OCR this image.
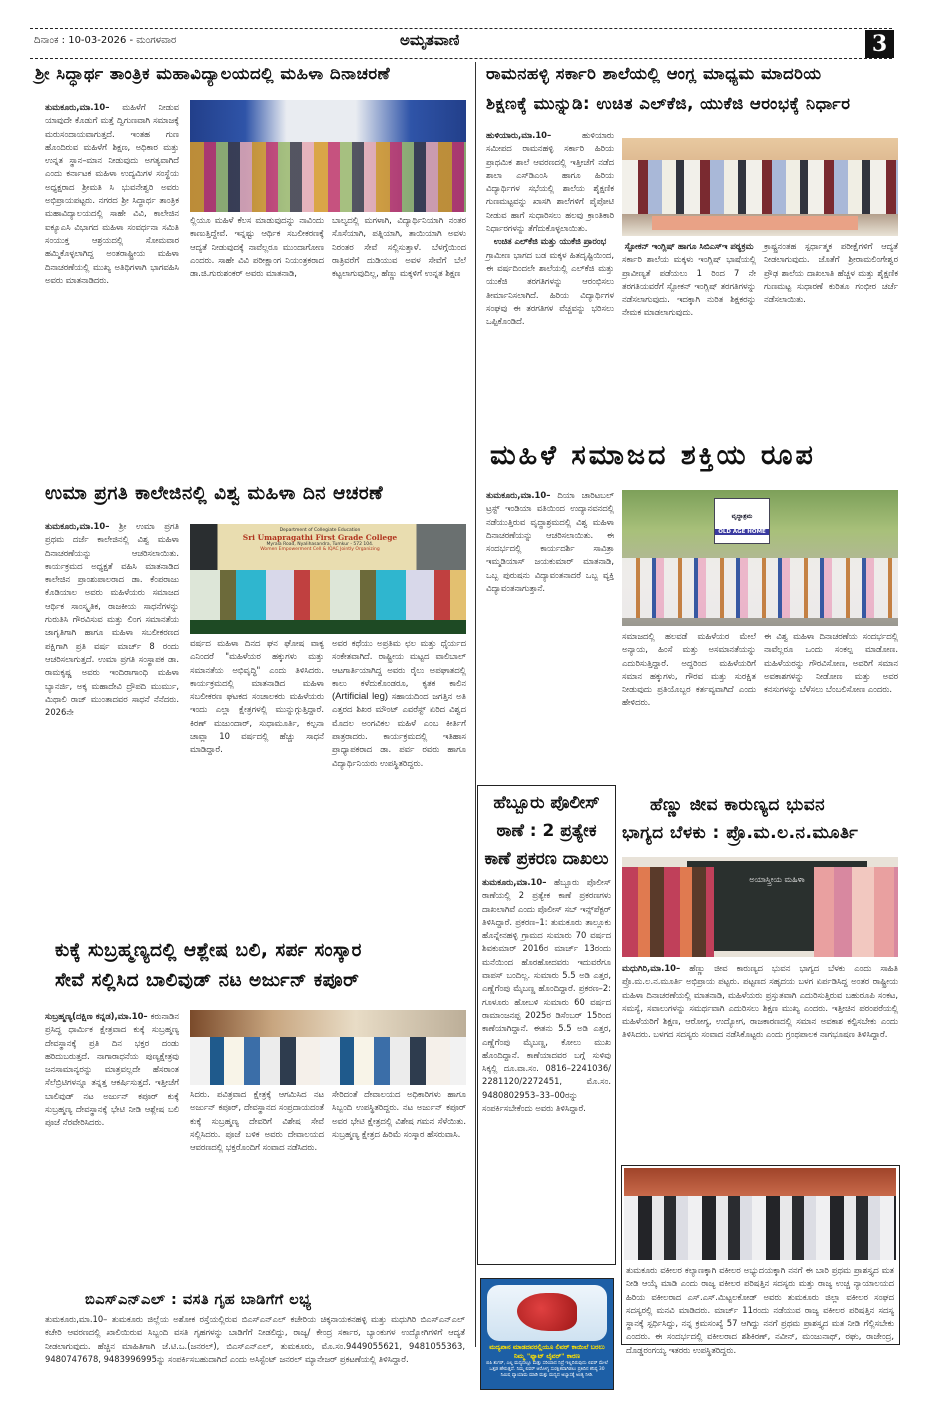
ದಿನಾಂಕ : 10-03-2026 - ಮಂಗಳವಾರ	ಅಮೃತವಾಣಿ	3
ಶ್ರೀ ಸಿದ್ಧಾರ್ಥ ತಾಂತ್ರಿಕ ಮಹಾವಿದ್ಯಾಲಯದಲ್ಲಿ ಮಹಿಳಾ ದಿನಾಚರಣೆ
ತುಮಕೂರು,ಮಾ.10– ಮಹಿಳೆಗೆ ನೀಡುವ ಯಾವುದೇ ಕೊಡುಗೆ ಮತ್ತೆ ದ್ವಿಗುಣವಾಗಿ ಸಮಾಜಕ್ಕೆ ಮರುಸಂದಾಯವಾಗುತ್ತದೆ. ಇಂತಹ ಗುಣ ಹೊಂದಿರುವ ಮಹಿಳೆಗೆ ಶಿಕ್ಷಣ, ಅಧಿಕಾರ ಮತ್ತು ಉನ್ನತ ಸ್ಥಾನ–ಮಾನ ನೀಡುವುದು ಅಗತ್ಯವಾಗಿದೆ ಎಂದು ಕರ್ನಾಟಕ ಮಹಿಳಾ ಉದ್ಯಮಿಗಳ ಸಂಸ್ಥೆಯ ಅಧ್ಯಕ್ಷರಾದ ಶ್ರೀಮತಿ ಸಿ ಭುವನೇಶ್ವರಿ ಅವರು ಅಭಿಪ್ರಾಯಪಟ್ಟರು. ನಗರದ ಶ್ರೀ ಸಿದ್ಧಾರ್ಥ ತಾಂತ್ರಿಕ ಮಹಾವಿದ್ಯಾಲಯದಲ್ಲಿ ಸಾಹೇ ವಿವಿ, ಕಾಲೇಜಿನ ಐಕ್ಯೂಎಸಿ ವಿಭಾಗದ ಮಹಿಳಾ ಸಂವರ್ಧನಾ ಸಮಿತಿ ಸಂಯುಕ್ತ ಆಶ್ರಯದಲ್ಲಿ ಸೋಮವಾರ ಹಮ್ಮಿಕೊಳ್ಳಲಾಗಿದ್ದ ಅಂತರಾಷ್ಟ್ರೀಯ ಮಹಿಳಾ ದಿನಾಚರಣೆಯಲ್ಲಿ ಮುಖ್ಯ ಅತಿಥಿಗಳಾಗಿ ಭಾಗವಹಿಸಿ ಅವರು ಮಾತನಾಡಿದರು.
ಲ್ಲಿಯೂ ಮಹಿಳೆ ಕೆಲಸ ಮಾಡುವುದನ್ನು ನಾವಿಂದು ಕಾಣುತ್ತಿದ್ದೇವೆ. ಇನ್ನಷ್ಟು ಆರ್ಥಿಕ ಸಬಲೀಕರಣಕ್ಕೆ ಆದ್ಯತೆ ನೀಡುವುದಕ್ಕೆ ನಾವೆಲ್ಲರೂ ಮುಂದಾಗೋಣ ಎಂದರು. ಸಾಹೇ ವಿವಿ ಪರೀಕ್ಷಾಂಗ ನಿಯಂತ್ರಕರಾದ ಡಾ.ಜಿ.ಗುರುಶಂಕರ್ ಅವರು ಮಾತನಾಡಿ,
ಬಾಲ್ಯದಲ್ಲಿ ಮಗಳಾಗಿ, ವಿದ್ಯಾರ್ಥಿನಿಯಾಗಿ ನಂತರ ಸೊಸೆಯಾಗಿ, ಪತ್ನಿಯಾಗಿ, ತಾಯಿಯಾಗಿ ಅವಳು ನಿರಂತರ ಸೇವೆ ಸಲ್ಲಿಸುತ್ತಾಳೆ. ಬೆಳಗ್ಗೆಯಿಂದ ರಾತ್ರಿವರೆಗೆ ದುಡಿಯುವ ಅವಳ ಸೇವೆಗೆ ಬೆಲೆ ಕಟ್ಟಲಾಗುವುದಿಲ್ಲ, ಹೆಣ್ಣು ಮಕ್ಕಳಿಗೆ ಉನ್ನತ ಶಿಕ್ಷಣ
ರಾಮನಹಳ್ಳಿ ಸರ್ಕಾರಿ ಶಾಲೆಯಲ್ಲಿ ಆಂಗ್ಲ ಮಾಧ್ಯಮ ಮಾದರಿಯ
ಶಿಕ್ಷಣಕ್ಕೆ ಮುನ್ನುಡಿ: ಉಚಿತ ಎಲ್‌ಕೆಜಿ, ಯುಕೆಜಿ ಆರಂಭಕ್ಕೆ ನಿರ್ಧಾರ
ಹುಳಿಯಾರು,ಮಾ.10–	ಹುಳಿಯಾರು ಸಮೀಪದ ರಾಮನಹಳ್ಳಿ ಸರ್ಕಾರಿ ಹಿರಿಯ ಪ್ರಾಥಮಿಕ ಶಾಲೆ ಆವರಣದಲ್ಲಿ ಇತ್ತೀಚೆಗೆ ನಡೆದ ಶಾಲಾ ಎಸ್‌ಡಿಎಂಸಿ ಹಾಗೂ ಹಿರಿಯ ವಿದ್ಯಾರ್ಥಿಗಳ ಸಭೆಯಲ್ಲಿ ಶಾಲೆಯ ಶೈಕ್ಷಣಿಕ ಗುಣಮಟ್ಟವನ್ನು ಖಾಸಗಿ ಶಾಲೆಗಳಿಗೆ ಪೈಪೋಟಿ ನೀಡುವ ಹಾಗೆ ಸುಧಾರಿಸಲು ಹಲವು ಕ್ರಾಂತಿಕಾರಿ ನಿರ್ಧಾರಗಳನ್ನು ತೆಗೆದುಕೊಳ್ಳಲಾಯಿತು.

ಉಚಿತ ಎಲ್‌ಕೆಜಿ ಮತ್ತು ಯುಕೆಜಿ ಪ್ರಾರಂಭ
ಗ್ರಾಮೀಣ ಭಾಗದ ಬಡ ಮಕ್ಕಳ ಹಿತದೃಷ್ಟಿಯಿಂದ, ಈ ವರ್ಷದಿಂದಲೇ ಶಾಲೆಯಲ್ಲಿ ಎಲ್‌ಕೆಜಿ ಮತ್ತು ಯುಕೆಜಿ ತರಗತಿಗಳನ್ನು ಆರಂಭಿಸಲು ತೀರ್ಮಾನಿಸಲಾಗಿದೆ. ಹಿರಿಯ ವಿದ್ಯಾರ್ಥಿಗಳ ಸಂಘವು ಈ ತರಗತಿಗಳ ವೆಚ್ಚವನ್ನು ಭರಿಸಲು ಒಪ್ಪಿಕೊಂಡಿದೆ.
ಸ್ಪೋಕನ್ ಇಂಗ್ಲಿಷ್ ಹಾಗೂ ಸಿಬಿಎಸ್‌ಇ ಪಠ್ಯಕ್ರಮ
ಸರ್ಕಾರಿ ಶಾಲೆಯ ಮಕ್ಕಳು ಇಂಗ್ಲಿಷ್ ಭಾಷೆಯಲ್ಲಿ ಪ್ರಾವೀಣ್ಯತೆ ಪಡೆಯಲು 1 ರಿಂದ 7 ನೇ ತರಗತಿಯವರೆಗೆ ಸ್ಪೋಕನ್ ಇಂಗ್ಲಿಷ್ ತರಗತಿಗಳನ್ನು ನಡೆಸಲಾಗುವುದು. ಇದಕ್ಕಾಗಿ ನುರಿತ ಶಿಕ್ಷಕರನ್ನು ನೇಮಕ ಮಾಡಲಾಗುವುದು.
ಕ್ರಾಷ್ಟ್ರನಂತಹ ಸ್ಪರ್ಧಾತ್ಮಕ ಪರೀಕ್ಷೆಗಳಿಗೆ ಆದ್ಯತೆ ನೀಡಲಾಗುವುದು. ಜೊತೆಗೆ ಶ್ರೀರಾಮಲಿಂಗೇಶ್ವರ ಪ್ರೌಢ ಶಾಲೆಯ ದಾಖಲಾತಿ ಹೆಚ್ಚಳ ಮತ್ತು ಶೈಕ್ಷಣಿಕ ಗುಣಮಟ್ಟ ಸುಧಾರಣೆ ಕುರಿತೂ ಗಂಭೀರ ಚರ್ಚೆ ನಡೆಸಲಾಯಿತು.
ಮಹಿಳೆ ಸಮಾಜದ ಶಕ್ತಿಯ ರೂಪ
ತುಮಕೂರು,ಮಾ.10– ದಿಯಾ ಚಾರಿಟಬಲ್ ಟ್ರಸ್ಟ್ ಇಂಡಿಯಾ ವತಿಯಿಂದ ಉದ್ಯಾನವನದಲ್ಲಿ ನಡೆಯುತ್ತಿರುವ ವೃದ್ಧಾಶ್ರಮದಲ್ಲಿ ವಿಶ್ವ ಮಹಿಳಾ ದಿನಾಚರಣೆಯನ್ನು ಆಚರಿಸಲಾಯಿತು. ಈ ಸಂದರ್ಭದಲ್ಲಿ ಕಾರ್ಯದರ್ಶಿ ಸಾವಿತ್ರಾ ಇಮ್ಮಡಿಯಾಸ್ ಜಯಕುಮಾರ್ ಮಾತನಾಡಿ, ಒಬ್ಬ ಪುರುಷನು ವಿದ್ಯಾವಂತನಾದರೆ ಒಬ್ಬ ವ್ಯಕ್ತಿ ವಿದ್ಯಾವಂತನಾಗುತ್ತಾನೆ.
ವೃದ್ಧಾಶ್ರಮ
OLD AGE HOME
ಸಮಾಜದಲ್ಲಿ ಹಲವಡೆ ಮಹಿಳೆಯರ ಮೇಲೆ ಅನ್ಯಾಯ, ಹಿಂಸೆ ಮತ್ತು ಅಸಮಾನತೆಯನ್ನು ಎದುರಿಸುತ್ತಿದ್ದಾರೆ. ಅದ್ದರಿಂದ ಮಹಿಳೆಯರಿಗೆ ಸಮಾನ ಹಕ್ಕುಗಳು, ಗೌರವ ಮತ್ತು ಸುರಕ್ಷಿತ ನೀಡುವುದು ಪ್ರತಿಯೊಬ್ಬರ ಕರ್ತವ್ಯವಾಗಿದೆ ಎಂದು ಹೇಳಿದರು.
ಈ ವಿಶ್ವ ಮಹಿಳಾ ದಿನಾಚರಣೆಯ ಸಂದರ್ಭದಲ್ಲಿ ನಾವೆಲ್ಲರೂ ಒಂದು ಸಂಕಲ್ಪ ಮಾಡೋಣ. ಮಹಿಳೆಯರನ್ನು ಗೌರವಿಸೋಣ, ಅವರಿಗೆ ಸಮಾನ ಅವಕಾಶಗಳನ್ನು ನೀಡೋಣ ಮತ್ತು ಅವರ ಕನಸುಗಳನ್ನು ಬೆಳೆಸಲು ಬೆಂಬಲಿಸೋಣ ಎಂದರು.
ಉಮಾ ಪ್ರಗತಿ ಕಾಲೇಜಿನಲ್ಲಿ ವಿಶ್ವ ಮಹಿಳಾ ದಿನ ಆಚರಣೆ
ತುಮಕೂರು,ಮಾ.10– ಶ್ರೀ ಉಮಾ ಪ್ರಗತಿ ಪ್ರಥಮ ದರ್ಜೆ ಕಾಲೇಜಿನಲ್ಲಿ ವಿಶ್ವ ಮಹಿಳಾ ದಿನಾಚರಣೆಯನ್ನು ಆಚರಿಸಲಾಯಿತು. ಕಾರ್ಯಕ್ರಮದ ಅಧ್ಯಕ್ಷತೆ ವಹಿಸಿ ಮಾತನಾಡಿದ ಕಾಲೇಜಿನ ಪ್ರಾಂಶುಪಾಲರಾದ ಡಾ. ಕೆಂಪರಾಜು ಕೊಡಿಯಾಲ ಅವರು ಮಹಿಳೆಯರು ಸಮಾಜದ ಆರ್ಥಿಕ ಸಾಂಸ್ಕೃತಿಕ, ರಾಜಕೀಯ ಸಾಧನೆಗಳನ್ನು ಗುರುತಿಸಿ ಗೌರವಿಸುವ ಮತ್ತು ಲಿಂಗ ಸಮಾನತೆಯ ಜಾಗೃತಿಗಾಗಿ ಹಾಗೂ ಮಹಿಳಾ ಸಬಲೀಕರಣದ ಪಕ್ಷಿಗಾಗಿ ಪ್ರತಿ ವರ್ಷ ಮಾರ್ಚ್ 8 ರಂದು ಆಚರಿಸಲಾಗುತ್ತದೆ. ಉಮಾ ಪ್ರಗತಿ ಸಂಸ್ಥಾಪಕ ಡಾ. ರಾಮಕೃಷ್ಣ ಅವರು ಇಂದಿರಾಗಾಂಧಿ ಮಹಿಳಾ ಬ್ಯಾನರ್ಜಿ, ಅಕ್ಕ ಮಹಾದೇವಿ ದ್ರೌಪದಿ ಮುರ್ಮು, ಮಿಥಾಲಿ ರಾಜ್ ಮುಂತಾದವರ ಸಾಧನೆ ನೆನೆದರು. 2026ನೇ
Department of Collegiate Education
Sri Umapragathi First Grade College
Myrala Road, Nyalihasandra, Tumkur - 572 104.
Women Empowerment Cell & IQAC Jointly Organizing
ವರ್ಷದ ಮಹಿಳಾ ದಿನದ ಘನ ಘೋಷ ವಾಕ್ಯ ಎನಿಂದರೆ "ಮಹಿಳೆಯರ ಹಕ್ಕುಗಳು ಮತ್ತು ಸಮಾನತೆಯ ಅಭಿವೃದ್ಧಿ" ಎಂದು ತಿಳಿಸಿದರು. ಕಾರ್ಯಕ್ರಮದಲ್ಲಿ ಮಾತನಾಡಿದ ಮಹಿಳಾ ಸಬಲೀಕರಣ ಘಟಕದ ಸಂಚಾಲಕರು ಮಹಿಳೆಯರು ಇಂದು ಎಲ್ಲಾ ಕ್ಷೇತ್ರಗಳಲ್ಲಿ ಮುನ್ನುಗ್ಗುತ್ತಿದ್ದಾರೆ. ಕಿರಣ್ ಮಜುಂದಾರ್, ಸುಧಾಮೂರ್ತಿ, ಕಲ್ಪನಾ ಚಾವ್ಲಾ 10 ವರ್ಷದಲ್ಲಿ ಹೆಚ್ಚು ಸಾಧನೆ ಮಾಡಿದ್ದಾರೆ.
ಅವರ ಕಥೆಯು ಅಪ್ರತಿಮ ಛಲ ಮತ್ತು ಧೈರ್ಯದ ಸಂಕೇತವಾಗಿದೆ. ರಾಷ್ಟ್ರೀಯ ಮಟ್ಟದ ವಾಲಿಬಾಲ್ ಆಟಗಾರ್ತಿಯಾಗಿದ್ದ ಅವರು ರೈಲು ಅಪಘಾತದಲ್ಲಿ ಕಾಲು ಕಳೆದುಕೊಂಡರೂ, ಕೃತಕ ಕಾಲಿನ (Artificial leg) ಸಹಾಯದಿಂದ ಜಗತ್ತಿನ ಅತಿ ಎತ್ತರದ ಶಿಖರ ಮೌಂಟ್ ಎವರೆಸ್ಟ್ ಏರಿದ ವಿಶ್ವದ ಮೊದಲ ಅಂಗವಿಕಲ ಮಹಿಳೆ ಎಂಬ ಕೀರ್ತಿಗೆ ಪಾತ್ರರಾದರು. ಕಾರ್ಯಕ್ರಮದಲ್ಲಿ ಇತಿಹಾಸ ಪ್ರಾಧ್ಯಾಪಕರಾದ ಡಾ. ಪರ್ವ ರವರು ಹಾಗೂ ವಿದ್ಯಾರ್ಥಿನಿಯರು ಉಪಸ್ಥಿತರಿದ್ದರು.
ಕುಕ್ಕೆ ಸುಬ್ರಹ್ಮಣ್ಯದಲ್ಲಿ ಆಶ್ಲೇಷ ಬಲಿ, ಸರ್ಪ ಸಂಸ್ಕಾರ
ಸೇವೆ ಸಲ್ಲಿಸಿದ ಬಾಲಿವುಡ್ ನಟ ಅರ್ಜುನ್ ಕಪೂರ್
ಸುಬ್ರಹ್ಮಣ್ಯ(ದಕ್ಷಿಣ ಕನ್ನಡ),ಮಾ.10– ಕರುನಾಡಿನ ಪ್ರಸಿದ್ಧ ಧಾರ್ಮಿಕ ಕ್ಷೇತ್ರವಾದ ಕುಕ್ಕೆ ಸುಬ್ರಹ್ಮಣ್ಯ ದೇವಸ್ಥಾನಕ್ಕೆ ಪ್ರತಿ ದಿನ ಭಕ್ತರ ದಂಡು ಹರಿದುಬರುತ್ತದೆ. ನಾಗಾರಾಧನೆಯ ಪುಣ್ಯಕ್ಷೇತ್ರವು ಜನಸಾಮಾನ್ಯರನ್ನು ಮಾತ್ರವಲ್ಲದೇ ಹೆಸರಾಂತ ಸೆಲೆಬ್ರಿಟಿಗಳನ್ನೂ ತನ್ನತ್ತ ಆಕರ್ಷಿಸುತ್ತದೆ. ಇತ್ತೀಚೆಗೆ ಬಾಲಿವುಡ್ ನಟ ಅರ್ಜುನ್ ಕಪೂರ್ ಕುಕ್ಕೆ ಸುಬ್ರಹ್ಮಣ್ಯ ದೇವಸ್ಥಾನಕ್ಕೆ ಭೇಟಿ ನೀಡಿ ಆಶ್ಲೇಷ ಬಲಿ ಪೂಜೆ ನೆರವೇರಿಸಿದರು.
ಸಿದರು. ಪವಿತ್ರವಾದ ಕ್ಷೇತ್ರಕ್ಕೆ ಆಗಮಿಸಿದ ನಟ ಅರ್ಜುನ್ ಕಪೂರ್, ದೇವಸ್ಥಾನದ ಸಂಪ್ರದಾಯದಂತೆ ಕುಕ್ಕೆ ಸುಬ್ರಹ್ಮಣ್ಯ ದೇವರಿಗೆ ವಿಶೇಷ ಸೇವೆ ಸಲ್ಲಿಸಿದರು. ಪೂಜೆ ಬಳಿಕ ಅವರು ದೇವಾಲಯದ ಆವರಣದಲ್ಲಿ ಭಕ್ತರೊಂದಿಗೆ ಸಂವಾದ ನಡೆಸಿದರು.
ಸೇರಿದಂತೆ ದೇವಾಲಯದ ಅಧಿಕಾರಿಗಳು ಹಾಗೂ ಸಿಬ್ಬಂದಿ ಉಪಸ್ಥಿತರಿದ್ದರು. ನಟ ಅರ್ಜುನ್ ಕಪೂರ್ ಅವರ ಭೇಟಿ ಕ್ಷೇತ್ರದಲ್ಲಿ ವಿಶೇಷ ಗಮನ ಸೆಳೆಯಿತು. ಸುಬ್ರಹ್ಮಣ್ಯ ಕ್ಷೇತ್ರದ ಹಿರಿಮೆ ಸಂಸ್ಕಾರ ಹೆಸರುವಾಸಿ.
ಹೆಬ್ಬೂರು ಪೊಲೀಸ್ ಠಾಣೆ : 2 ಪ್ರತ್ಯೇಕ ಕಾಣೆ ಪ್ರಕರಣ ದಾಖಲು
ತುಮಕೂರು,ಮಾ.10– ಹೆಬ್ಬೂರು ಪೊಲೀಸ್ ಠಾಣೆಯಲ್ಲಿ 2 ಪ್ರತ್ಯೇಕ ಕಾಣೆ ಪ್ರಕರಣಗಳು ದಾಖಲಾಗಿವೆ ಎಂದು ಪೊಲೀಸ್ ಸಬ್ ಇನ್ಸ್‌ಪೆಕ್ಟರ್ ತಿಳಿಸಿದ್ದಾರೆ. ಪ್ರಕರಣ–1: ತುಮಕೂರು ತಾಲ್ಲೂಕು ಹೊನ್ನೇನಹಳ್ಳಿ ಗ್ರಾಮದ ಸುಮಾರು 70 ವರ್ಷದ ಶಿವಕುಮಾರ್ 2016ರ ಮಾರ್ಚ್ 13ರಂದು ಮನೆಯಿಂದ ಹೊರಹೋದವರು ಇದುವರೆಗೂ ವಾಪಸ್ ಬಂದಿಲ್ಲ. ಸುಮಾರು 5.5 ಅಡಿ ಎತ್ತರ, ಎಣ್ಣೆಗೆಂಪು ಮೈಬಣ್ಣ ಹೊಂದಿದ್ದಾರೆ. ಪ್ರಕರಣ–2: ಗೂಳೂರು ಹೋಬಳಿ ಸುಮಾರು 60 ವರ್ಷದ ರಾಮಾಂಜನಪ್ಪ 2025ರ ಡಿಸೆಂಬರ್ 15ರಿಂದ ಕಾಣೆಯಾಗಿದ್ದಾನೆ. ಈತನು 5.5 ಅಡಿ ಎತ್ತರ, ಎಣ್ಣೆಗೆಂಪು ಮೈಬಣ್ಣ, ಕೋಲು ಮುಖ ಹೊಂದಿದ್ದಾನೆ. ಕಾಣೆಯಾದವರ ಬಗ್ಗೆ ಸುಳಿವು ಸಿಕ್ಕಲ್ಲಿ ದೂ.ವಾ.ಸಂ. 0816–2241036/ 2281120/2272451, ಮೊ.ಸಂ. 9480802953–33–00ರನ್ನು ಸಂಪರ್ಕಿಸಬೇಕೆಂದು ಅವರು ತಿಳಿಸಿದ್ದಾರೆ.
ಮದ್ಯಪಾನ ಮಾಡದವರಲ್ಲಿಯೂ ಲಿವರ್ ಕಾಯಿಲೆ ಬರಲು ನಿಮ್ಮ "ಫ್ಯಾಟ್ ಲೈವರ್" ಕಾರಣ
ಬಿಪಿ ಶುಗರ್, ಎಲ್ಲ ಮದ್ಯದಲ್ಲೂ ಮತ್ತು ಸರಿಯಾದ ನಿದ್ರೆ ಇಲ್ಲದಿರುವುದು ಲಿವರ್ ಮೇಲೆ ಒತ್ತಡ ಹೇರುತ್ತದೆ. ನಿಮ್ಮ ಲಿವರ್ ಆರೋಗ್ಯ ಸುರಕ್ಷಿತವಾಗಿಡಲು ಪ್ರತಿದಿನ ಕನಿಷ್ಠ 30 ನಿಮಿಷ ವ್ಯಾಯಾಮ ಮಾಡಿ ಮತ್ತು ಮದ್ಯದ ಅಭ್ಯಾಸಕ್ಕೆ ಅಂತ್ಯ ನೀಡಿ.
ಹೆಣ್ಣು ಜೀವ ಕಾರುಣ್ಯದ ಭುವನ
ಭಾಗ್ಯದ ಬೆಳಕು : ಪ್ರೊ.ಮ.ಲ.ನ.ಮೂರ್ತಿ
ಅಯಾಸ್ತ್ರೀಯ ಮಹಿಳಾ
ಮಧುಗಿರಿ,ಮಾ.10– ಹೆಣ್ಣು ಜೀವ ಕಾರುಣ್ಯದ ಭುವನ ಭಾಗ್ಯದ ಬೆಳಕು ಎಂದು ಸಾಹಿತಿ ಪ್ರೊ.ಮ.ಲ.ನ.ಮೂರ್ತಿ ಅಭಿಪ್ರಾಯ ಪಟ್ಟರು. ಪಟ್ಟಣದ ಸಹೃದಯ ಬಳಗ ಏರ್ಪಡಿಸಿದ್ದ ಅಂತರ ರಾಷ್ಟ್ರೀಯ ಮಹಿಳಾ ದಿನಾಚರಣೆಯಲ್ಲಿ ಮಾತನಾಡಿ, ಮಹಿಳೆಯರು ಪ್ರಸ್ತುತವಾಗಿ ಎದುರಿಸುತ್ತಿರುವ ಬಹುರೂಪಿ ಸಂಕಟ, ಸಮಸ್ಯೆ, ಸವಾಲುಗಳನ್ನು ಸಮರ್ಥವಾಗಿ ಎದುರಿಸಲು ಶಿಕ್ಷಣ ಮುಖ್ಯ ಎಂದರು. ಇತ್ತೀಚಿನ ಪರಂಪರೆಯಲ್ಲಿ ಮಹಿಳೆಯರಿಗೆ ಶಿಕ್ಷಣ, ಆರೋಗ್ಯ, ಉದ್ಯೋಗ, ರಾಜಕಾರಣದಲ್ಲಿ ಸಮಾನ ಅವಕಾಶ ಕಲ್ಪಿಸಬೇಕು ಎಂದು ತಿಳಿಸಿದರು. ಬಳಗದ ಸದಸ್ಯರು ಸಂವಾದ ನಡೆಸಿಕೊಟ್ಟರು ಎಂದು ಗ್ರಂಥಪಾಲಕ ನಾಗಭೂಷಣ ತಿಳಿಸಿದ್ದಾರೆ.
ತುಮಕೂರು ವಕೀಲರ ಕಲ್ಯಾಣಕ್ಕಾಗಿ ವಕೀಲರ ಅಭ್ಯುದಯಕ್ಕಾಗಿ ನನಗೆ ಈ ಬಾರಿ ಪ್ರಥಮ ಪ್ರಾಶಸ್ತ್ಯದ ಮತ ನೀಡಿ ಆಯ್ಕೆ ಮಾಡಿ ಎಂದು ರಾಜ್ಯ ವಕೀಲರ ಪರಿಷತ್ತಿನ ಸದಸ್ಯರು ಮತ್ತು ರಾಜ್ಯ ಉಚ್ಚ ನ್ಯಾಯಾಲಯದ ಹಿರಿಯ ವಕೀಲರಾದ ಎಸ್.ಎಸ್.ಮಿಟ್ಟಲಕೋಡ್ ಅವರು ತುಮಕೂರು ಜಿಲ್ಲಾ ವಕೀಲರ ಸಂಘದ ಸದಸ್ಯರಲ್ಲಿ ಮನವಿ ಮಾಡಿದರು. ಮಾರ್ಚ್ 11ರಂದು ನಡೆಯುವ ರಾಜ್ಯ ವಕೀಲರ ಪರಿಷತ್ತಿನ ಸದಸ್ಯ ಸ್ಥಾನಕ್ಕೆ ಸ್ಪರ್ಧಿಸಿದ್ದು, ನನ್ನ ಕ್ರಮಸಂಖ್ಯೆ 57 ಆಗಿದ್ದು ನನಗೆ ಪ್ರಥಮ ಪ್ರಾಶಸ್ತ್ಯದ ಮತ ನೀಡಿ ಗೆಲ್ಲಿಸಬೇಕು ಎಂದರು. ಈ ಸಂದರ್ಭದಲ್ಲಿ ವಕೀಲರಾದ ಶಶಿಕಿರಣ್, ನವೀನ್, ಮಂಜುನಾಥ್, ರಘು, ರಾಜೇಂದ್ರ, ದೊಡ್ಡರಂಗಯ್ಯ ಇತರರು ಉಪಸ್ಥಿತರಿದ್ದರು.
ಬಿಎಸ್‌ಎನ್‌ಎಲ್ : ವಸತಿ ಗೃಹ ಬಾಡಿಗೆಗೆ ಲಭ್ಯ
ತುಮಕೂರು,ಮಾ.10– ತುಮಕೂರು ಜಿಲ್ಲೆಯ ಅಶೋಕ ರಸ್ತೆಯಲ್ಲಿರುವ ಬಿಎಸ್‌ಎನ್‌ಎಲ್ ಕಚೇರಿಯ ಚಿಕ್ಕನಾಯಕನಹಳ್ಳಿ ಮತ್ತು ಮಧುಗಿರಿ ಬಿಎಸ್‌ಎನ್‌ಎಲ್ ಕಚೇರಿ ಆವರಣದಲ್ಲಿ ಖಾಲಿಯಿರುವ ಸಿಬ್ಬಂದಿ ವಸತಿ ಗೃಹಗಳನ್ನು ಬಾಡಿಗೆಗೆ ನೀಡಲಿದ್ದು, ರಾಜ್ಯ/ ಕೇಂದ್ರ ಸರ್ಕಾರ, ಬ್ಯಾಂಕುಗಳ ಉದ್ಯೋಗಿಗಳಿಗೆ ಆದ್ಯತೆ ನೀಡಲಾಗುವುದು. ಹೆಚ್ಚಿನ ಮಾಹಿತಿಗಾಗಿ ಜೆ.ಟಿ.ಒ.(ಜನರಲ್), ಬಿಎಸ್‌ಎನ್‌ಎಲ್, ತುಮಕೂರು, ಮೊ.ಸಂ.9449055621, 9481055363, 9480747678, 9483996995ನ್ನು ಸಂಪರ್ಕಿಸಬಹುದಾಗಿದೆ ಎಂದು ಅಸಿಸ್ಟೆಂಟ್ ಜನರಲ್ ಮ್ಯಾನೇಜರ್ ಪ್ರಕಟಣೆಯಲ್ಲಿ ತಿಳಿಸಿದ್ದಾರೆ.
